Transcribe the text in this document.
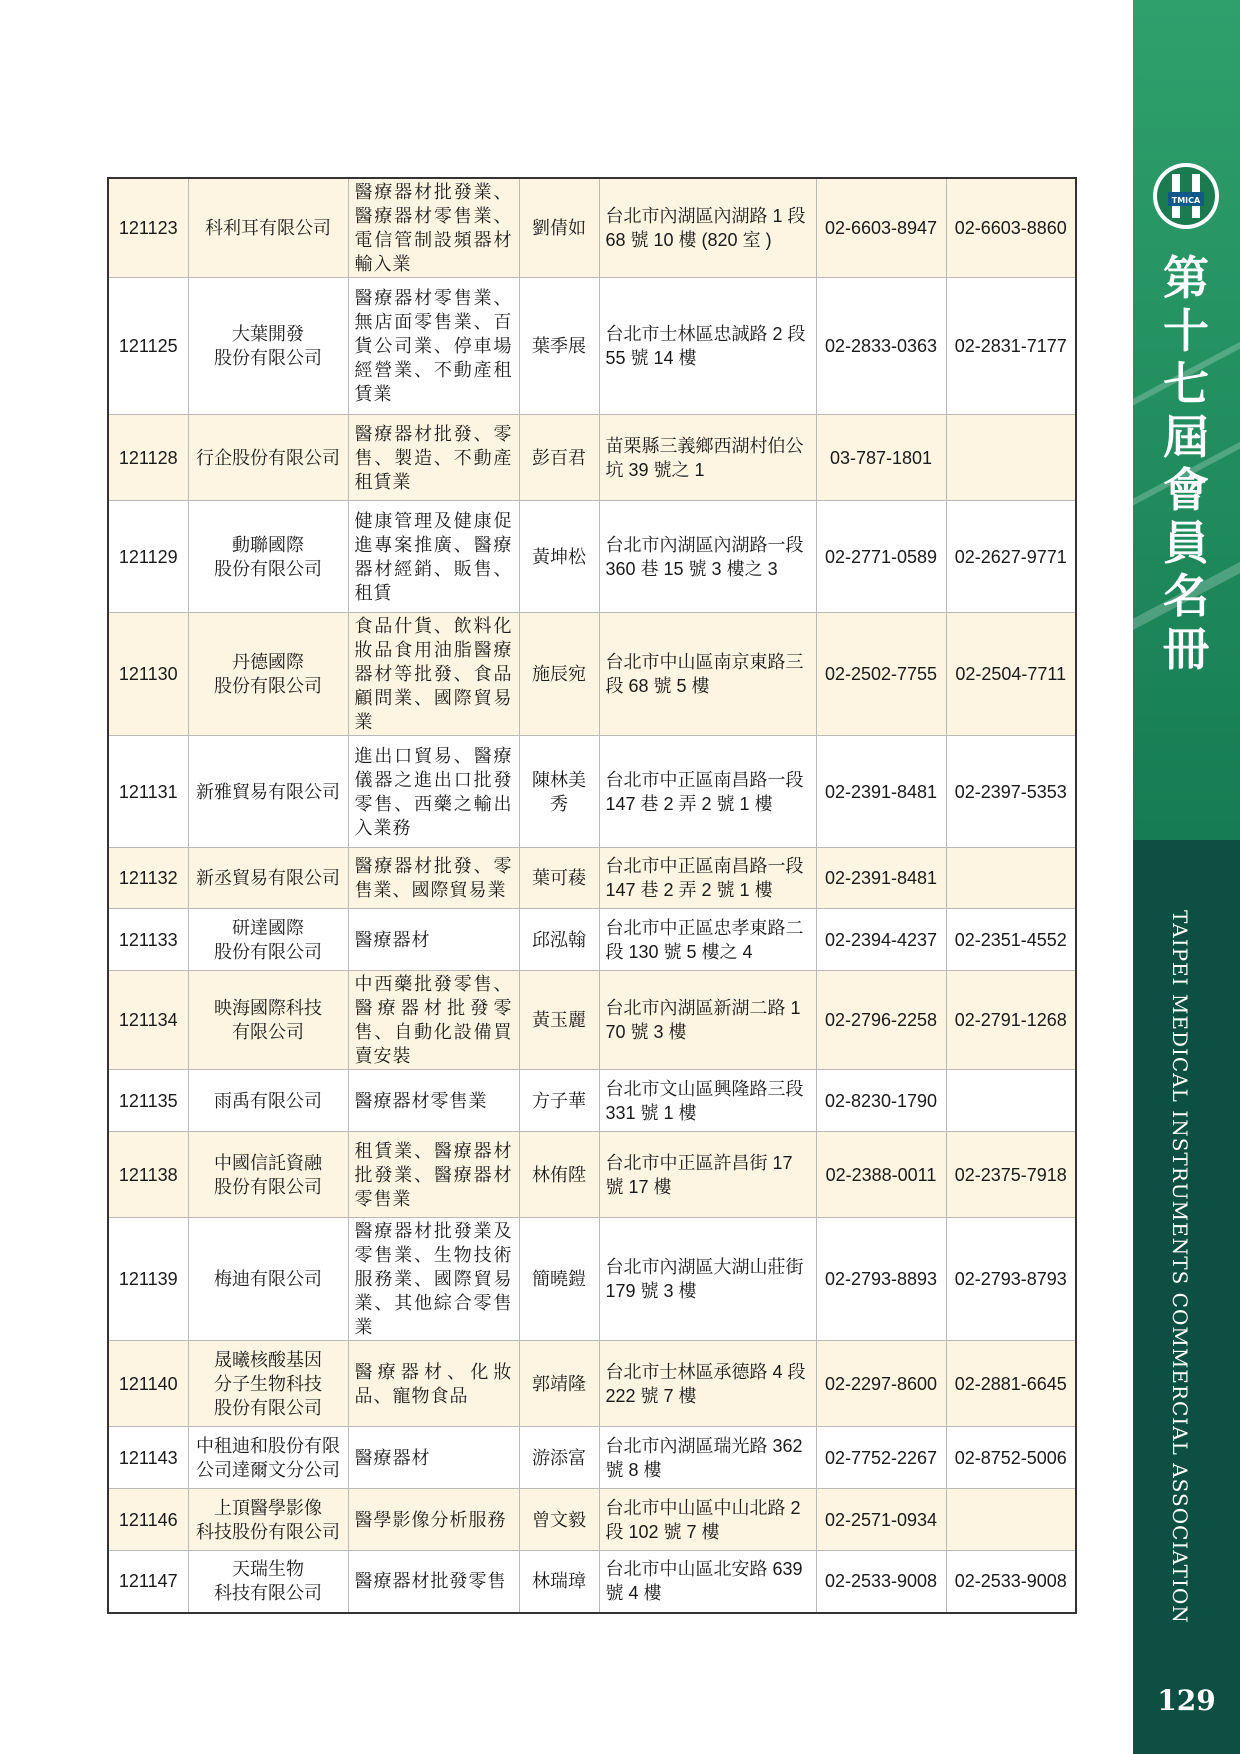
TMICA
第
十
七
屆
會
員
名
冊
TAIPEI MEDICAL INSTRUMENTS COMMERCIAL ASSOCIATION
129
121123	科利耳有限公司	醫療器材批發業、醫療器材零售業、電信管制設頻器材輸入業	劉倩如	台北市內湖區內湖路 1 段 68 號 10 樓 (820 室 )	02-6603-8947	02-6603-8860
121125	大葉開發
股份有限公司	醫療器材零售業、無店面零售業、百貨公司業、停車場經營業、不動產租賃業	葉季展	台北市士林區忠誠路 2 段 55 號 14 樓	02-2833-0363	02-2831-7177
121128	行企股份有限公司	醫療器材批發、零售、製造、不動產租賃業	彭百君	苗栗縣三義鄉西湖村伯公坑 39 號之 1	03-787-1801	
121129	動聯國際
股份有限公司	健康管理及健康促進專案推廣、醫療器材經銷、販售、租賃	黃坤松	台北市內湖區內湖路一段 360 巷 15 號 3 樓之 3	02-2771-0589	02-2627-9771
121130	丹德國際
股份有限公司	食品什貨、飲料化妝品食用油脂醫療器材等批發、食品顧問業、國際貿易業	施辰宛	台北市中山區南京東路三段 68 號 5 樓	02-2502-7755	02-2504-7711
121131	新雅貿易有限公司	進出口貿易、醫療儀器之進出口批發零售、西藥之輸出入業務	陳林美秀	台北市中正區南昌路一段 147 巷 2 弄 2 號 1 樓	02-2391-8481	02-2397-5353
121132	新丞貿易有限公司	醫療器材批發、零售業、國際貿易業	葉可薐	台北市中正區南昌路一段 147 巷 2 弄 2 號 1 樓	02-2391-8481	
121133	研達國際
股份有限公司	醫療器材	邱泓翰	台北市中正區忠孝東路二段 130 號 5 樓之 4	02-2394-4237	02-2351-4552
121134	映海國際科技
有限公司	中西藥批發零售、醫療器材批發零售、自動化設備買賣安裝	黃玉麗	台北市內湖區新湖二路 170 號 3 樓	02-2796-2258	02-2791-1268
121135	雨禹有限公司	醫療器材零售業	方子華	台北市文山區興隆路三段 331 號 1 樓	02-8230-1790	
121138	中國信託資融
股份有限公司	租賃業、醫療器材批發業、醫療器材零售業	林侑陞	台北市中正區許昌街 17 號 17 樓	02-2388-0011	02-2375-7918
121139	梅迪有限公司	醫療器材批發業及零售業、生物技術服務業、國際貿易業、其他綜合零售業	簡曉鎧	台北市內湖區大湖山莊街 179 號 3 樓	02-2793-8893	02-2793-8793
121140	晟曦核酸基因
分子生物科技
股份有限公司	醫療器材、化妝品、寵物食品	郭靖隆	台北市士林區承德路 4 段 222 號 7 樓	02-2297-8600	02-2881-6645
121143	中租迪和股份有限
公司達爾文分公司	醫療器材	游添富	台北市內湖區瑞光路 362 號 8 樓	02-7752-2267	02-8752-5006
121146	上頂醫學影像
科技股份有限公司	醫學影像分析服務	曾文毅	台北市中山區中山北路 2 段 102 號 7 樓	02-2571-0934	
121147	天瑞生物
科技有限公司	醫療器材批發零售	林瑞璋	台北市中山區北安路 639 號 4 樓	02-2533-9008	02-2533-9008
